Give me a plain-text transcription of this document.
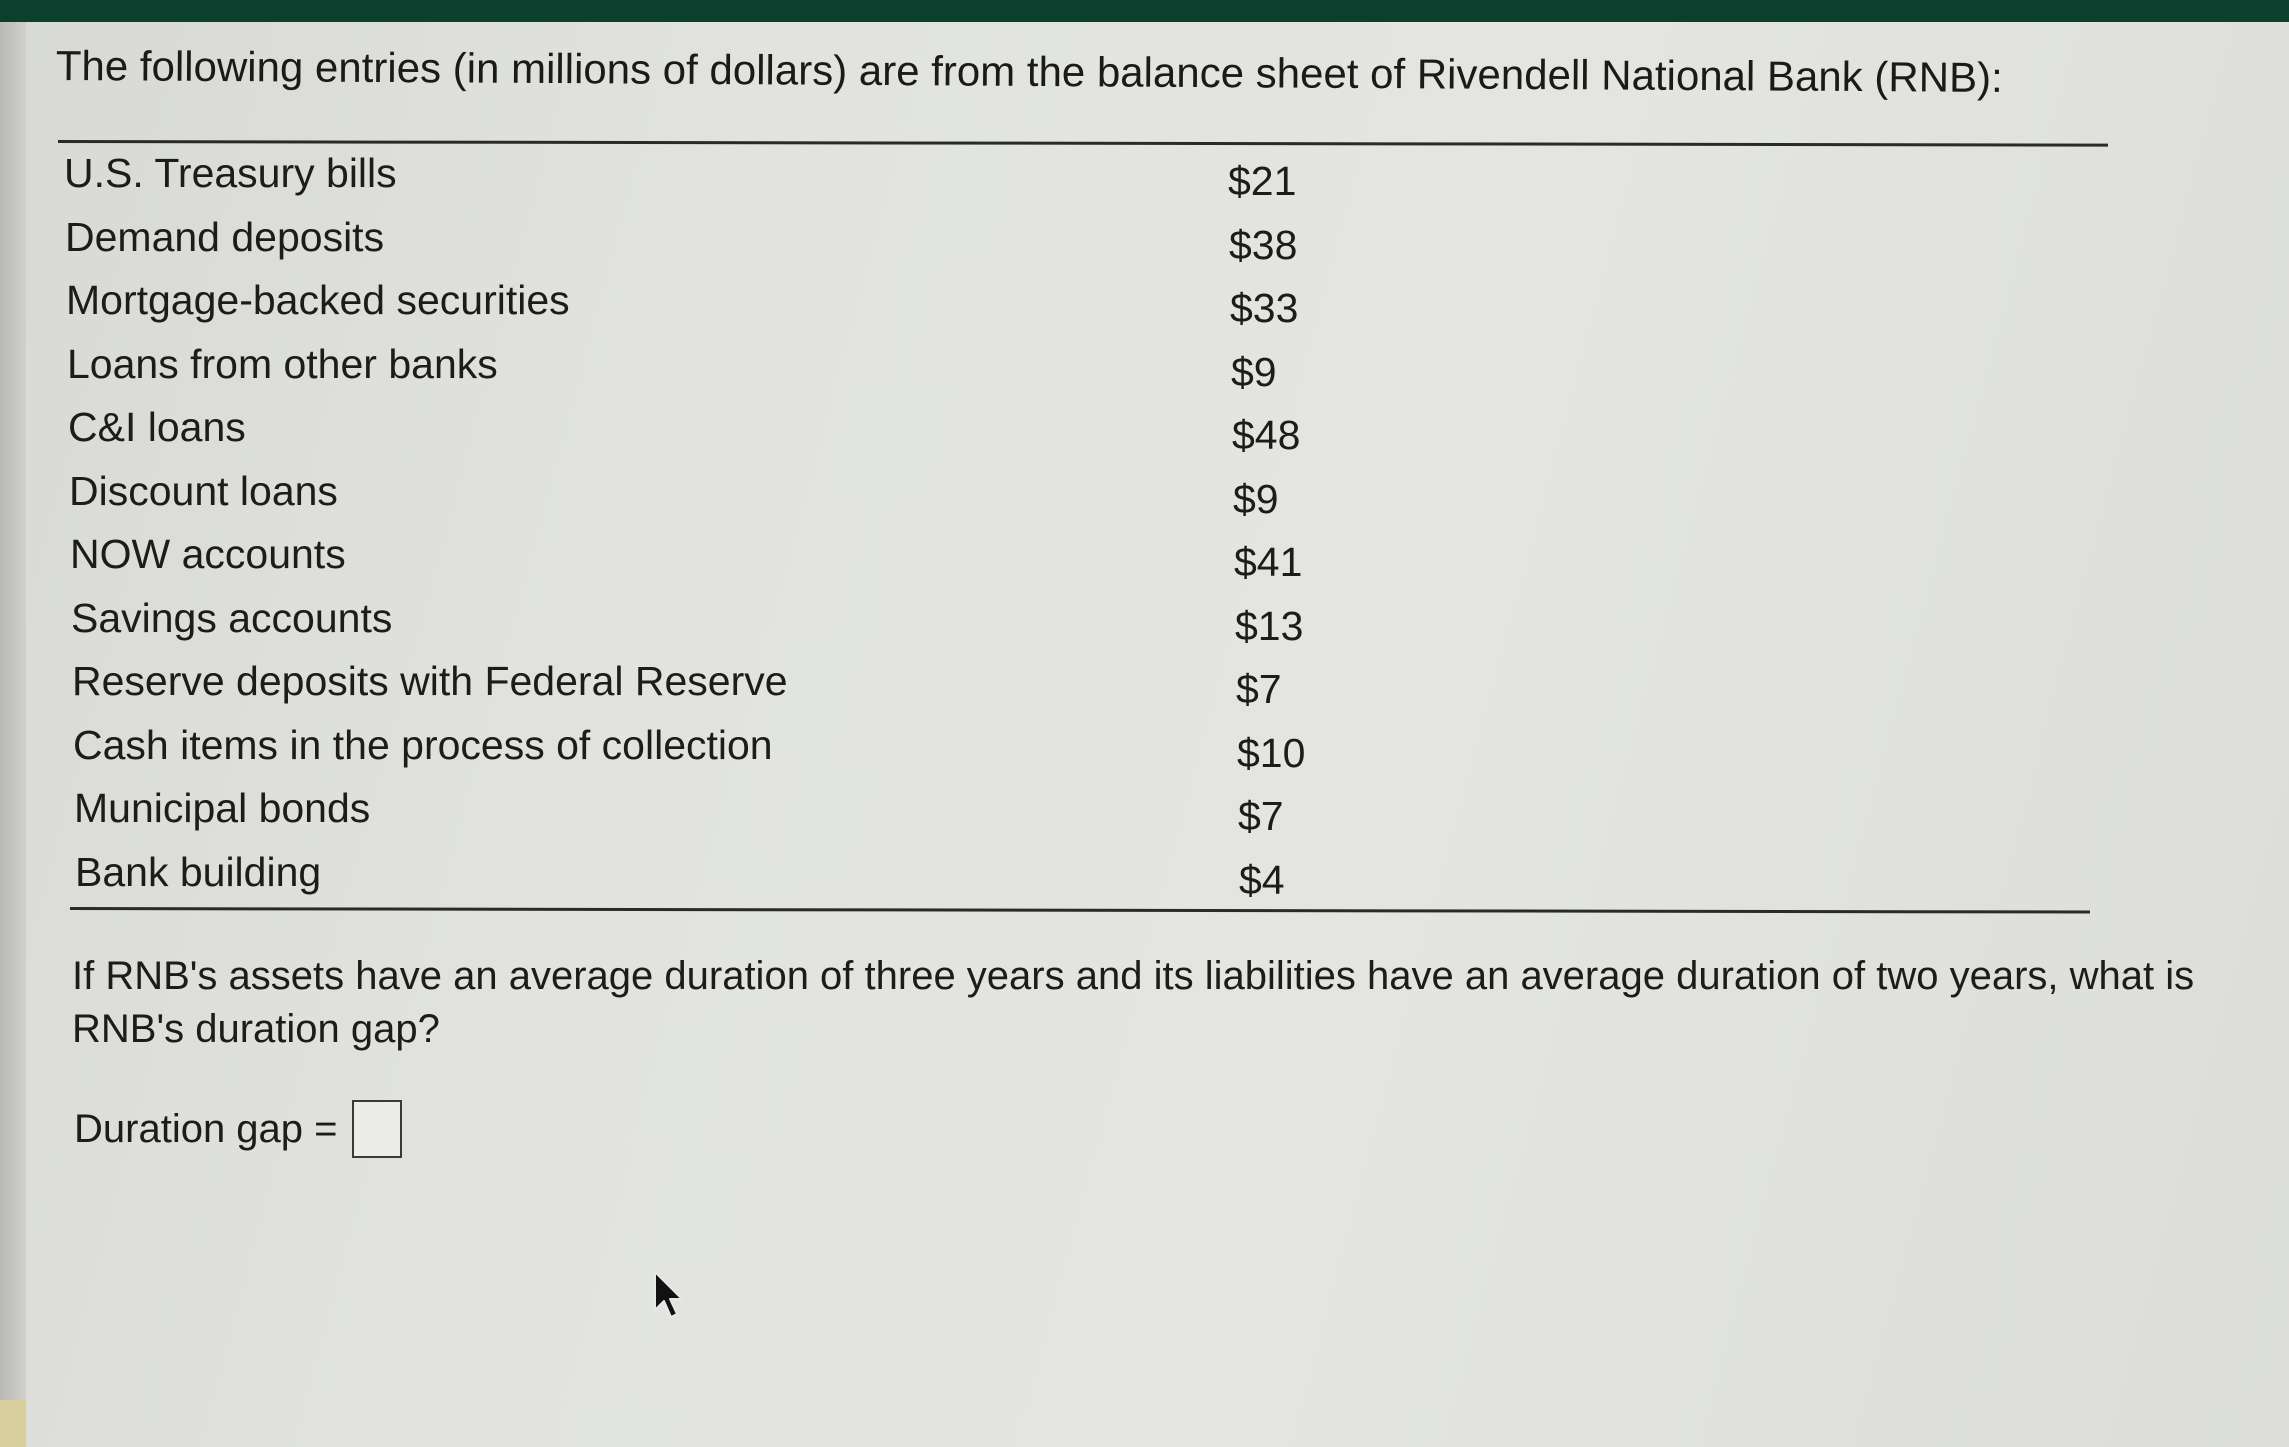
The following entries (in millions of dollars) are from the balance sheet of Rivendell National Bank (RNB):
U.S. Treasury bills	$21
Demand deposits	$38
Mortgage-backed securities	$33
Loans from other banks	$9
C&I loans	$48
Discount loans	$9
NOW accounts	$41
Savings accounts	$13
Reserve deposits with Federal Reserve	$7
Cash items in the process of collection	$10
Municipal bonds	$7
Bank building	$4
If RNB's assets have an average duration of three years and its liabilities have an average duration of two years, what is RNB's duration gap?
Duration gap =
